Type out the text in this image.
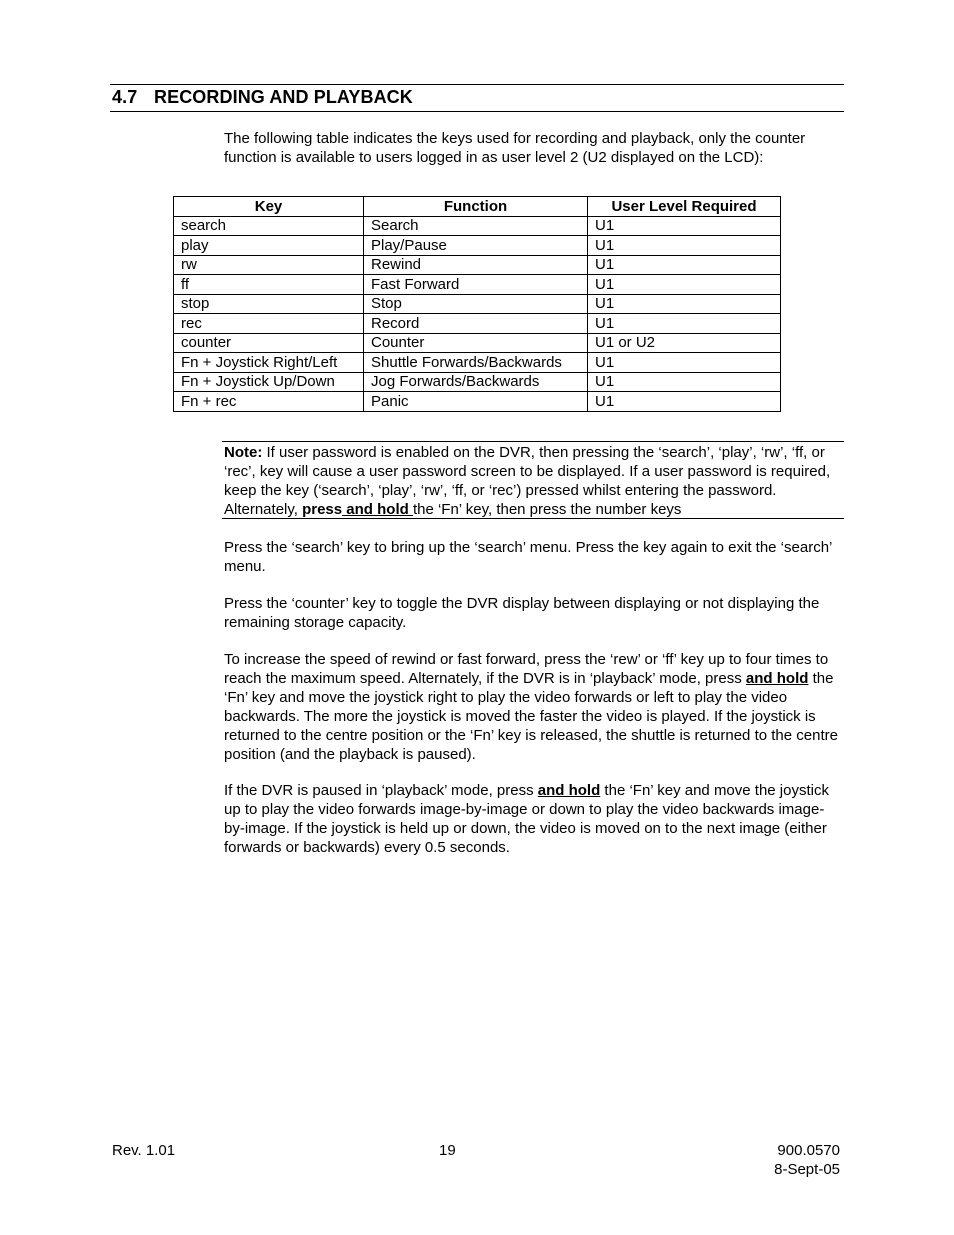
4.7 RECORDING AND PLAYBACK
The following table indicates the keys used for recording and playback, only the counter function is available to users logged in as user level 2 (U2 displayed on the LCD):
Key	Function	User Level Required
search	Search	U1
play	Play/Pause	U1
rw	Rewind	U1
ff	Fast Forward	U1
stop	Stop	U1
rec	Record	U1
counter	Counter	U1 or U2
Fn + Joystick Right/Left	Shuttle Forwards/Backwards	U1
Fn + Joystick Up/Down	Jog Forwards/Backwards	U1
Fn + rec	Panic	U1
Note: If user password is enabled on the DVR, then pressing the ‘search’, ‘play’, ‘rw’, ‘ff, or ‘rec’, key will cause a user password screen to be displayed. If a user password is required, keep the key (‘search’, ‘play’, ‘rw’, ‘ff, or ‘rec’) pressed whilst entering the password. Alternately, press and hold the ‘Fn’ key, then press the number keys
Press the ‘search’ key to bring up the ‘search’ menu. Press the key again to exit the ‘search’ menu.
Press the ‘counter’ key to toggle the DVR display between displaying or not displaying the remaining storage capacity.
To increase the speed of rewind or fast forward, press the ‘rew’ or ‘ff’ key up to four times to reach the maximum speed. Alternately, if the DVR is in ‘playback’ mode, press and hold the ‘Fn’ key and move the joystick right to play the video forwards or left to play the video backwards. The more the joystick is moved the faster the video is played. If the joystick is returned to the centre position or the ‘Fn’ key is released, the shuttle is returned to the centre position (and the playback is paused).
If the DVR is paused in ‘playback’ mode, press and hold the ‘Fn’ key and move the joystick up to play the video forwards image-by-image or down to play the video backwards image-by-image. If the joystick is held up or down, the video is moved on to the next image (either forwards or backwards) every 0.5 seconds.
Rev. 1.01	19	900.0570
8-Sept-05
